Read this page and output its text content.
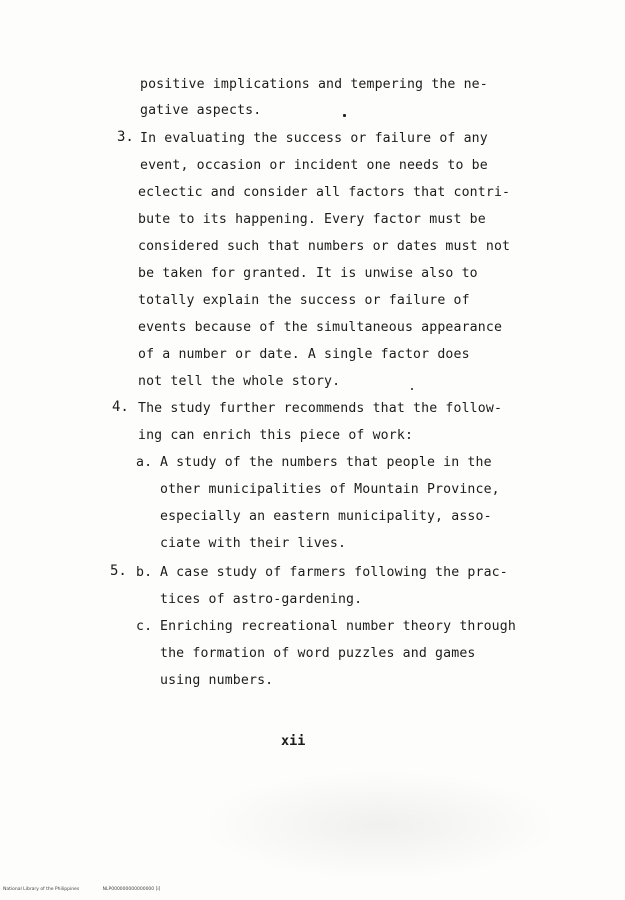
positive implications and tempering the ne-
gative aspects.
3. In evaluating the success or failure of any
event, occasion or incident one needs to be
eclectic and consider all factors that contri-
bute to its happening. Every factor must be
considered such that numbers or dates must not
be taken for granted. It is unwise also to
totally explain the success or failure of
events because of the simultaneous appearance
of a number or date. A single factor does
not tell the whole story.
4. The study further recommends that the follow-
ing can enrich this piece of work:
a. A study of the numbers that people in the
other municipalities of Mountain Province,
especially an eastern municipality, asso-
ciate with their lives.
5. b. A case study of farmers following the prac-
tices of astro-gardening.
c. Enriching recreational number theory through
the formation of word puzzles and games
using numbers.
xii
National Library of the Philippines	NLP000000000000000 [i]
